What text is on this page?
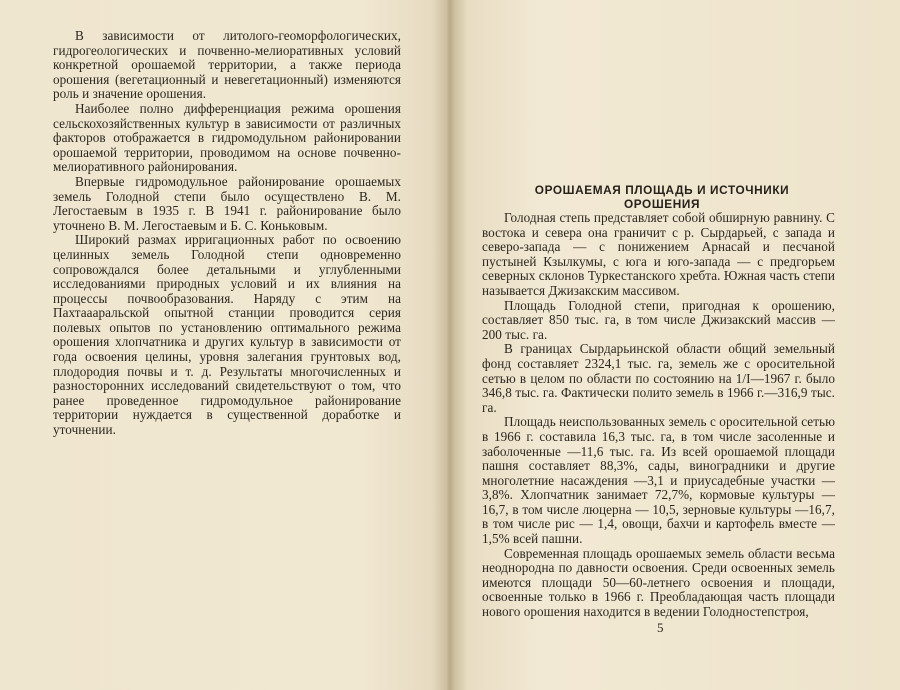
В зависимости от литолого-геоморфологических, гидрогеологических и почвенно-мелиоративных условий конкретной орошаемой территории, а также периода орошения (вегетационный и невегетационный) изменяются роль и значение орошения.

Наиболее полно дифференциация режима орошения сельскохозяйственных культур в зависимости от различных факторов отображается в гидромодульном районировании орошаемой территории, проводимом на основе почвенно-мелиоративного районирования.

Впервые гидромодульное районирование орошаемых земель Голодной степи было осуществлено В. М. Легостаевым в 1935 г. В 1941 г. районирование было уточнено В. М. Легостаевым и Б. С. Коньковым.

Широкий размах ирригационных работ по освоению целинных земель Голодной степи одновременно сопровождался более детальными и углубленными исследованиями природных условий и их влияния на процессы почвообразования. Наряду с этим на Пахтаааральской опытной станции проводится серия полевых опытов по установлению оптимального режима орошения хлопчатника и других культур в зависимости от года освоения целины, уровня залегания грунтовых вод, плодородия почвы и т. д. Результаты многочисленных и разносторонних исследований свидетельствуют о том, что ранее проведенное гидромодульное районирование территории нуждается в существенной доработке и уточнении.

ОРОШАЕМАЯ ПЛОЩАДЬ И ИСТОЧНИКИ ОРОШЕНИЯ

Голодная степь представляет собой обширную равнину. С востока и севера она граничит с р. Сырдарьей, с запада и северо-запада — с понижением Арнасай и песчаной пустыней Кзылкумы, с юга и юго-запада — с предгорьем северных склонов Туркестанского хребта. Южная часть степи называется Джизакским массивом.

Площадь Голодной степи, пригодная к орошению, составляет 850 тыс. га, в том числе Джизакский массив — 200 тыс. га.

В границах Сырдарьинской области общий земельный фонд составляет 2324,1 тыс. га, земель же с оросительной сетью в целом по области по состоянию на 1/I—1967 г. было 346,8 тыс. га. Фактически полито земель в 1966 г.—316,9 тыс. га.

Площадь неиспользованных земель с оросительной сетью в 1966 г. составила 16,3 тыс. га, в том числе засоленные и заболоченные —11,6 тыс. га. Из всей орошаемой площади пашня составляет 88,3%, сады, виноградники и другие многолетние насаждения —3,1 и приусадебные участки — 3,8%. Хлопчатник занимает 72,7%, кормовые культуры —16,7, в том числе люцерна — 10,5, зерновые культуры —16,7, в том числе рис — 1,4, овощи, бахчи и картофель вместе —1,5% всей пашни.

Современная площадь орошаемых земель области весьма неоднородна по давности освоения. Среди освоенных земель имеются площади 50—60-летнего освоения и площади, освоенные только в 1966 г. Преобладающая часть площади нового орошения находится в ведении Голодностепстроя,

5
